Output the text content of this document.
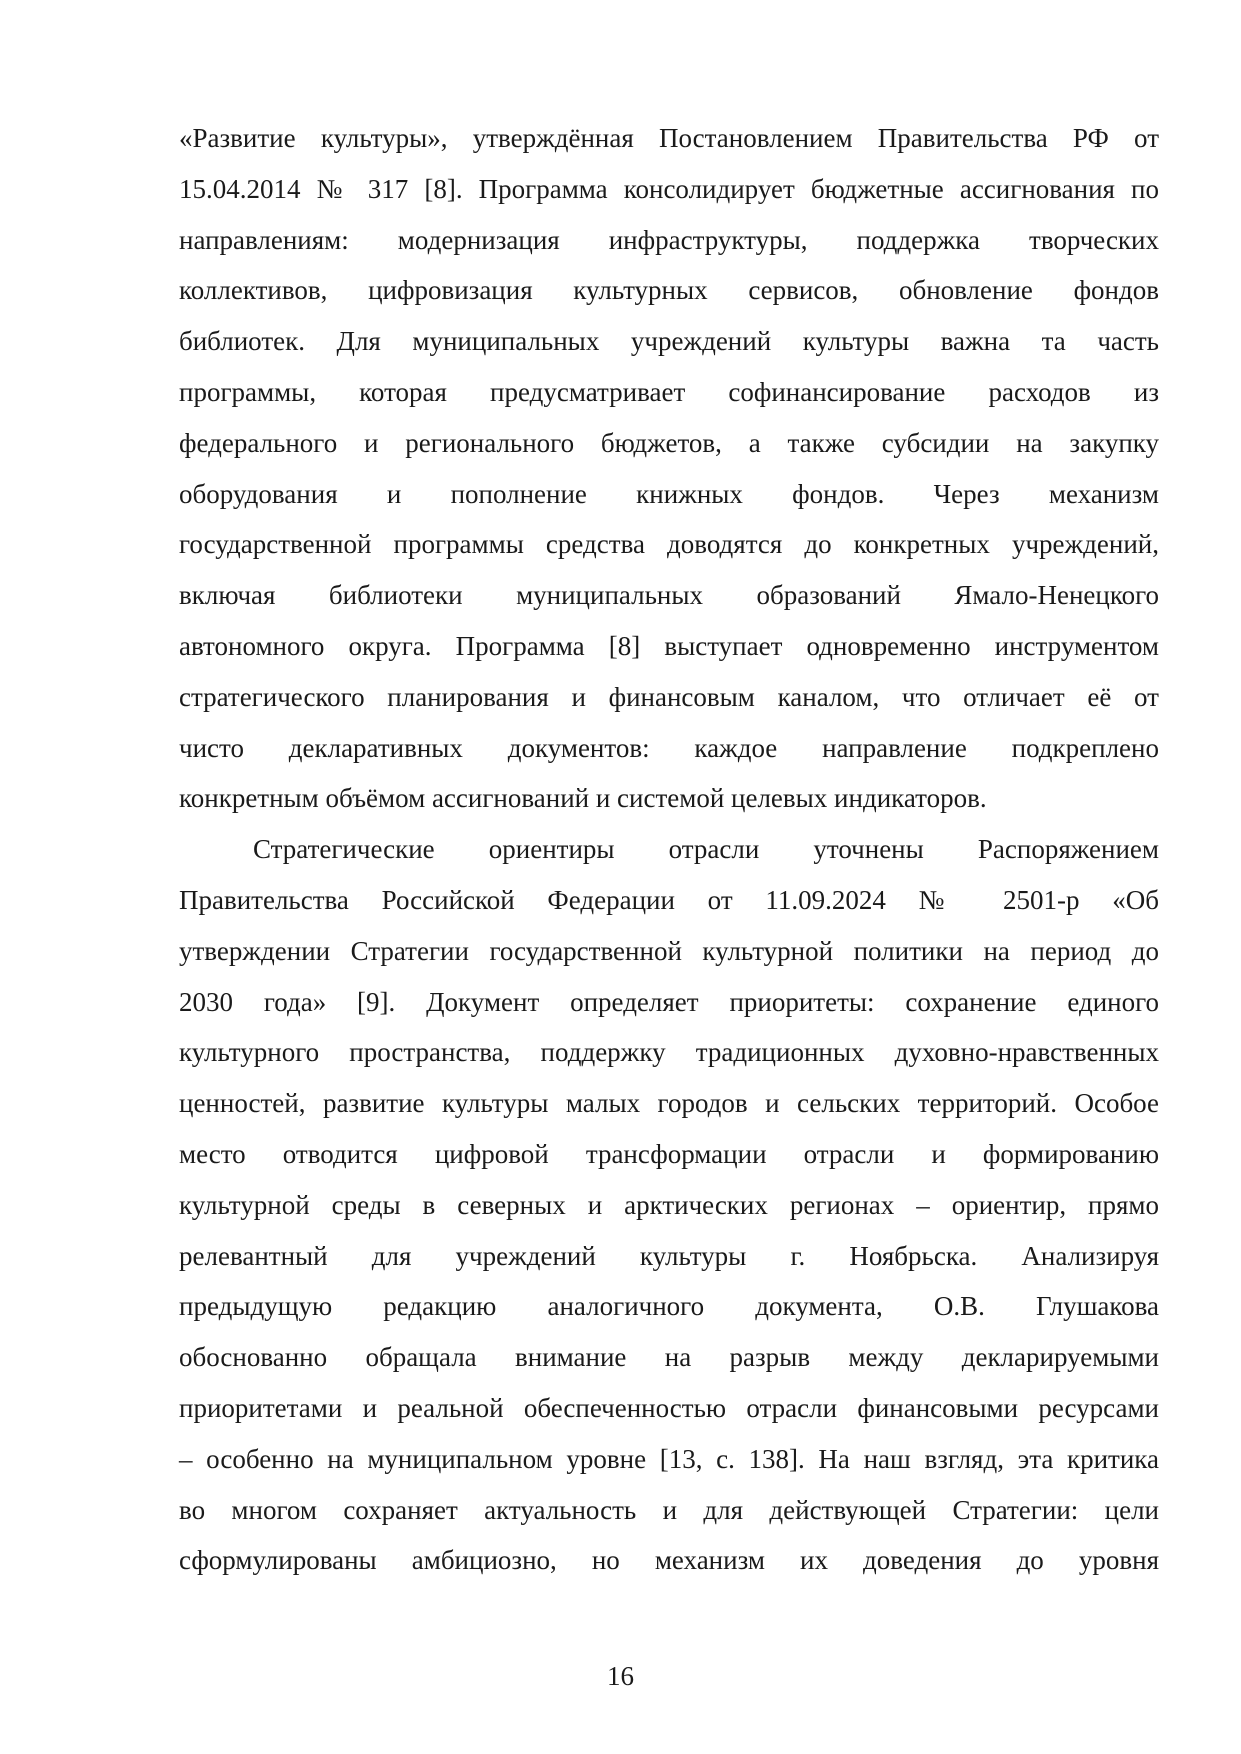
«Развитие культуры», утверждённая Постановлением Правительства РФ от
15.04.2014 № 317 [8]. Программа консолидирует бюджетные ассигнования по
направлениям: модернизация инфраструктуры, поддержка творческих
коллективов, цифровизация культурных сервисов, обновление фондов
библиотек. Для муниципальных учреждений культуры важна та часть
программы, которая предусматривает софинансирование расходов из
федерального и регионального бюджетов, а также субсидии на закупку
оборудования и пополнение книжных фондов. Через механизм
государственной программы средства доводятся до конкретных учреждений,
включая библиотеки муниципальных образований Ямало-Ненецкого
автономного округа. Программа [8] выступает одновременно инструментом
стратегического планирования и финансовым каналом, что отличает её от
чисто декларативных документов: каждое направление подкреплено
конкретным объёмом ассигнований и системой целевых индикаторов.
Стратегические ориентиры отрасли уточнены Распоряжением
Правительства Российской Федерации от 11.09.2024 № 2501-р «Об
утверждении Стратегии государственной культурной политики на период до
2030 года» [9]. Документ определяет приоритеты: сохранение единого
культурного пространства, поддержку традиционных духовно-нравственных
ценностей, развитие культуры малых городов и сельских территорий. Особое
место отводится цифровой трансформации отрасли и формированию
культурной среды в северных и арктических регионах – ориентир, прямо
релевантный для учреждений культуры г. Ноябрьска. Анализируя
предыдущую редакцию аналогичного документа, О.В. Глушакова
обоснованно обращала внимание на разрыв между декларируемыми
приоритетами и реальной обеспеченностью отрасли финансовыми ресурсами
– особенно на муниципальном уровне [13, с. 138]. На наш взгляд, эта критика
во многом сохраняет актуальность и для действующей Стратегии: цели
сформулированы амбициозно, но механизм их доведения до уровня
16
